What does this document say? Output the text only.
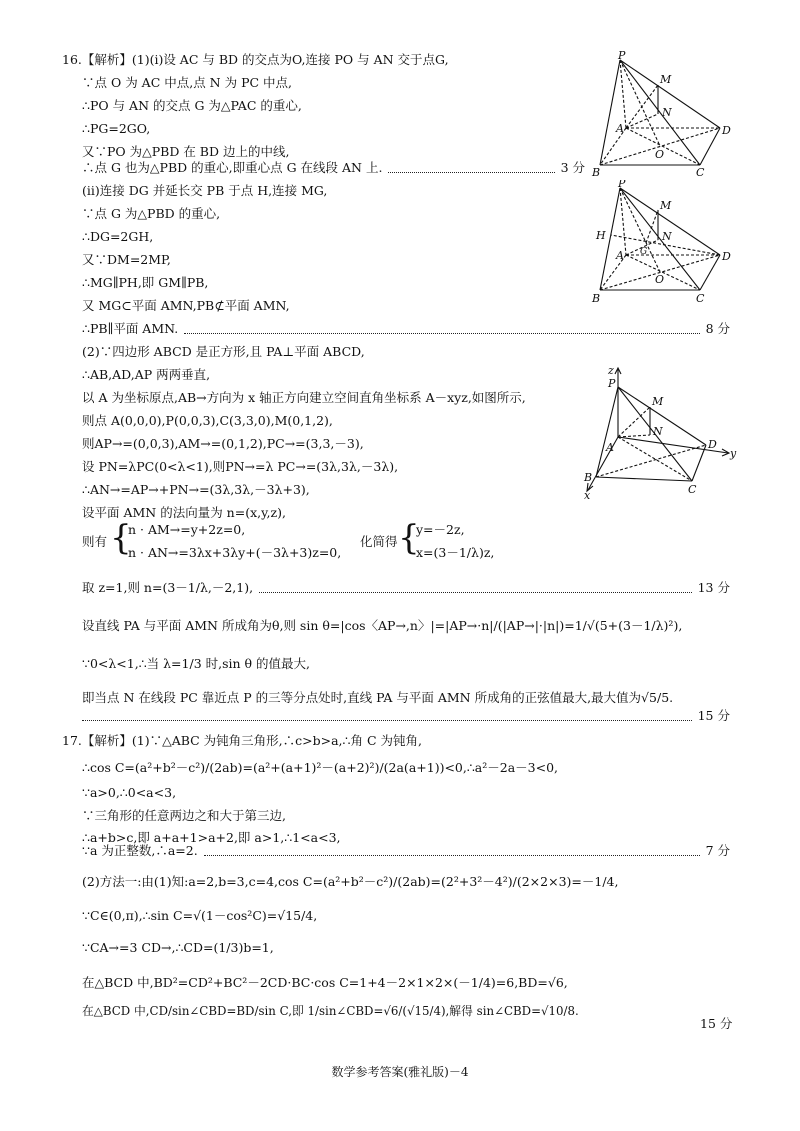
16.【解析】(1)(ⅰ)设 AC 与 BD 的交点为O,连接 PO 与 AN 交于点G,
∵点 O 为 AC 中点,点 N 为 PC 中点,
∴PO 与 AN 的交点 G 为△PAC 的重心,
∴PG=2GO,
又∵PO 为△PBD 在 BD 边上的中线,
∴点 G 也为△PBD 的重心,即重心点 G 在线段 AN 上.	3 分
(ⅱ)连接 DG 并延长交 PB 于点 H,连接 MG,
∵点 G 为△PBD 的重心,
∴DG=2GH,
又∵DM=2MP,
∴MG∥PH,即 GM∥PB,
又 MG⊂平面 AMN,PB⊄平面 AMN,
∴PB∥平面 AMN.	8 分
(2)∵四边形 ABCD 是正方形,且 PA⊥平面 ABCD,
∴AB,AD,AP 两两垂直,
以 A 为坐标原点,AB→方向为 x 轴正方向建立空间直角坐标系 A－xyz,如图所示,
则点 A(0,0,0),P(0,0,3),C(3,3,0),M(0,1,2),
则AP→=(0,0,3),AM→=(0,1,2),PC→=(3,3,－3),
设 PN=λPC(0<λ<1),则PN→=λ PC→=(3λ,3λ,－3λ),
∴AN→=AP→+PN→=(3λ,3λ,－3λ+3),
设平面 AMN 的法向量为 n=(x,y,z),
则有 {
n · AM→=y+2z=0,
n · AN→=3λx+3λy+(－3λ+3)z=0,
化简得 {
y=－2z,
x=(3－1/λ)z,
取 z=1,则 n=(3－1/λ,－2,1),	13 分
设直线 PA 与平面 AMN 所成角为θ,则 sin θ=|cos〈AP→,n〉|=|AP→·n|/(|AP→|·|n|)=1/√(5+(3－1/λ)²),
∵0<λ<1,∴当 λ=1/3 时,sin θ 的值最大,
即当点 N 在线段 PC 靠近点 P 的三等分点处时,直线 PA 与平面 AMN 所成角的正弦值最大,最大值为√5/5.
15 分
17.【解析】(1)∵△ABC 为钝角三角形,∴c>b>a,∴角 C 为钝角,
∴cos C=(a²+b²－c²)/(2ab)=(a²+(a+1)²－(a+2)²)/(2a(a+1))<0,∴a²－2a－3<0,
∵a>0,∴0<a<3,
∵三角形的任意两边之和大于第三边,
∴a+b>c,即 a+a+1>a+2,即 a>1,∴1<a<3,
∵a 为正整数,∴a=2.	7 分
(2)方法一:由(1)知:a=2,b=3,c=4,cos C=(a²+b²－c²)/(2ab)=(2²+3²－4²)/(2×2×3)=－1/4,
∵C∈(0,π),∴sin C=√(1－cos²C)=√15/4,
∵CA→=3 CD→,∴CD=(1/3)b=1,
在△BCD 中,BD²=CD²+BC²－2CD·BC·cos C=1+4－2×1×2×(－1/4)=6,BD=√6,
在△BCD 中,CD/sin∠CBD=BD/sin C,即 1/sin∠CBD=√6/(√15/4),解得 sin∠CBD=√10/8.
15 分
P
M
N
A	D
O
B	C
P
M
N
H
G
A	D
O
B	C
z
P
M
N
A	D
y
B
C
x
数学参考答案(雅礼版)－4
